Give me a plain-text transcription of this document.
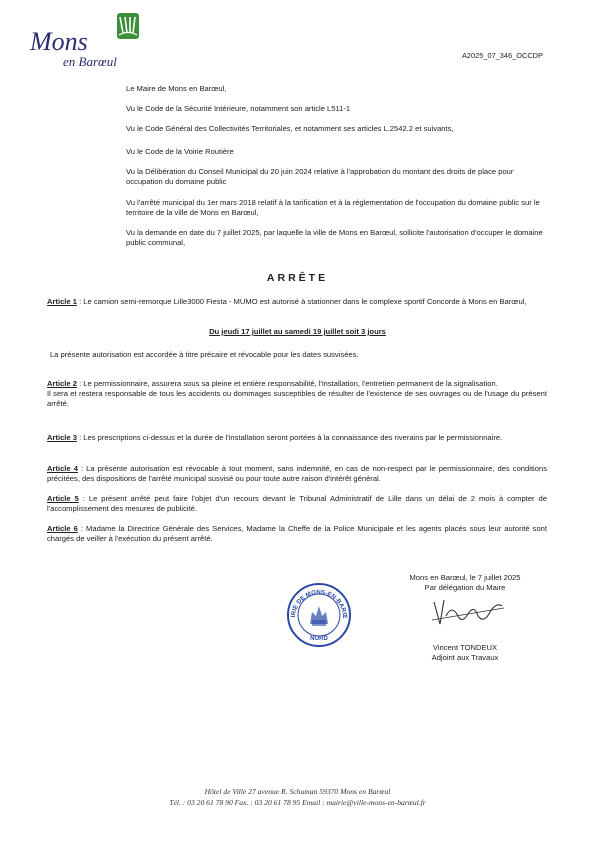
Mons
en Barœul	A2025_07_346_OCCDP
Le Maire de Mons en Barœul,
Vu le Code de la Sécurité Intérieure, notamment son article L511-1
Vu le Code Général des Collectivités Territoriales, et notamment ses articles L.2542.2 et suivants,
Vu le Code de la Voirie Routière
Vu la Délibération du Conseil Municipal du 20 juin 2024 relative à l'approbation du montant des droits de place pour occupation du domaine public
Vu l'arrêté municipal du 1er mars 2018 relatif à la tarification et à la réglementation de l'occupation du domaine public sur le territoire de la ville de Mons en Barœul,
Vu la demande en date du 7 juillet 2025, par laquelle la ville de Mons en Barœul, sollicite l'autorisation d'occuper le domaine public communal,
ARRÊTE
Article 1 : Le camion semi-remorque Lille3000 Fiesta - MUMO est autorisé à stationner dans le complexe sportif Concorde à Mons en Barœul,
Du jeudi 17 juillet au samedi 19 juillet soit 3 jours
La présente autorisation est accordée à titre précaire et révocable pour les dates susvisées.
Article 2 : Le permissionnaire, assurera sous sa pleine et entière responsabilité, l'installation, l'entretien permanent de la signalisation.
Il sera et restera responsable de tous les accidents ou dommages susceptibles de résulter de l'existence de ses ouvrages ou de l'usage du présent arrêté.
Article 3 : Les prescriptions ci-dessus et la durée de l'installation seront portées à la connaissance des riverains par le permissionnaire.
Article 4 : La présente autorisation est révocable à tout moment, sans indemnité, en cas de non-respect par le permissionnaire, des conditions précitées, des dispositions de l'arrêté municipal susvisé ou pour toute autre raison d'intérêt général.
Article 5 : Le présent arrêté peut faire l'objet d'un recours devant le Tribunal Administratif de Lille dans un délai de 2 mois à compter de l'accomplissement des mesures de publicité.
Article 6 : Madame la Directrice Générale des Services, Madame la Cheffe de la Police Municipale et les agents placés sous leur autorité sont chargés de veiller à l'exécution du présent arrêté.
Mons en Barœul, le 7 juillet 2025
Par délégation du Maire
Vincent TONDEUX
Adjoint aux Travaux
IRIE DE MONS-EN-BARŒ
NORD
Hôtel de Ville 27 avenue R. Schuman 59370 Mons en Barœul
Tél. : 03 20 61 78 90 Fax. : 03 20 61 78 95 Email : mairie@ville-mons-en-barœul.fr
